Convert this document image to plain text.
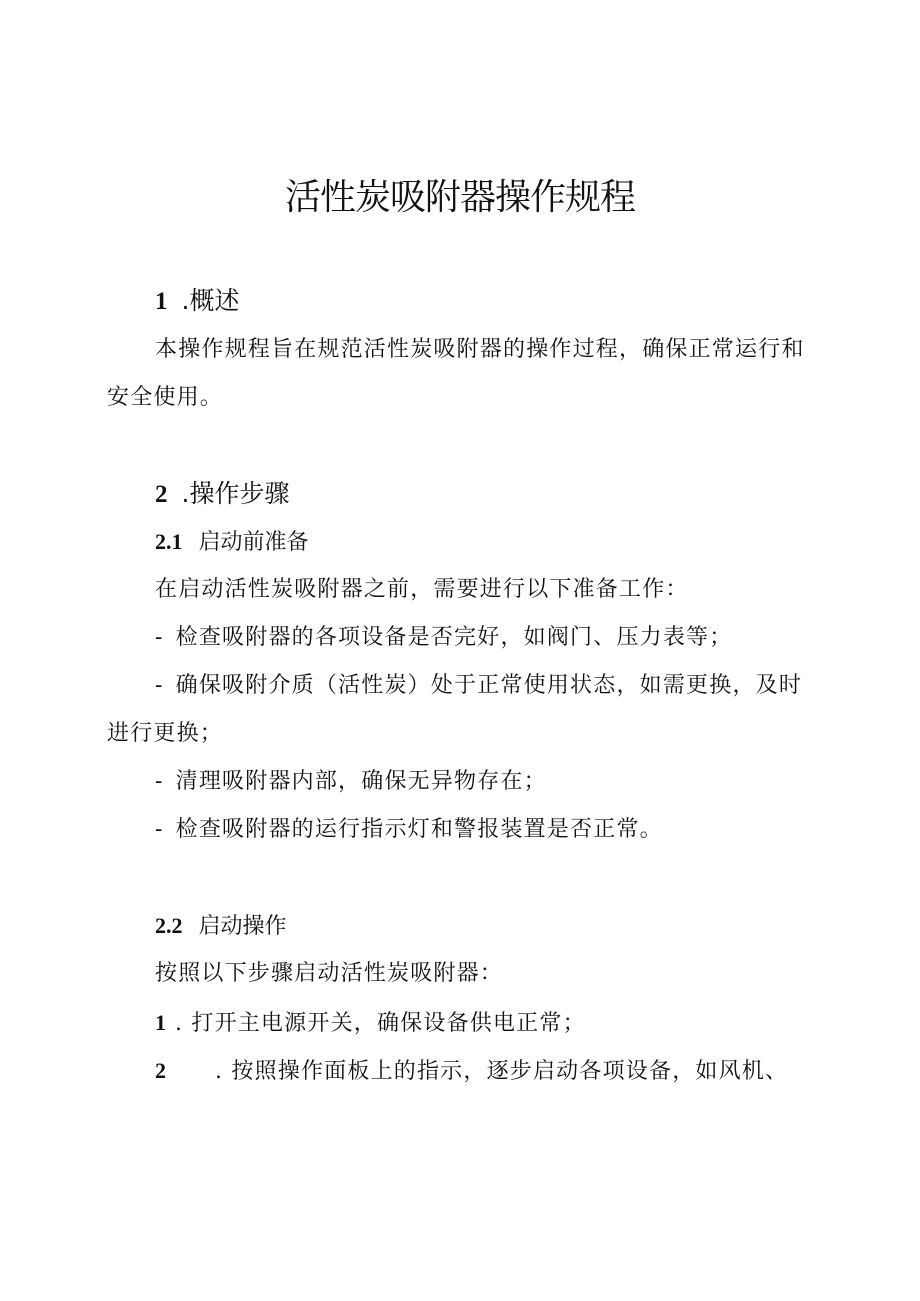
活性炭吸附器操作规程
1 .概述
本操作规程旨在规范活性炭吸附器的操作过程，确保正常运行和
安全使用。
2 .操作步骤
2.1 启动前准备
在启动活性炭吸附器之前，需要进行以下准备工作：
- 检查吸附器的各项设备是否完好，如阀门、压力表等；
- 确保吸附介质（活性炭）处于正常使用状态，如需更换，及时
进行更换；
- 清理吸附器内部，确保无异物存在；
- 检查吸附器的运行指示灯和警报装置是否正常。
2.2 启动操作
按照以下步骤启动活性炭吸附器：
1 . 打开主电源开关，确保设备供电正常；
2 . 按照操作面板上的指示，逐步启动各项设备，如风机、
